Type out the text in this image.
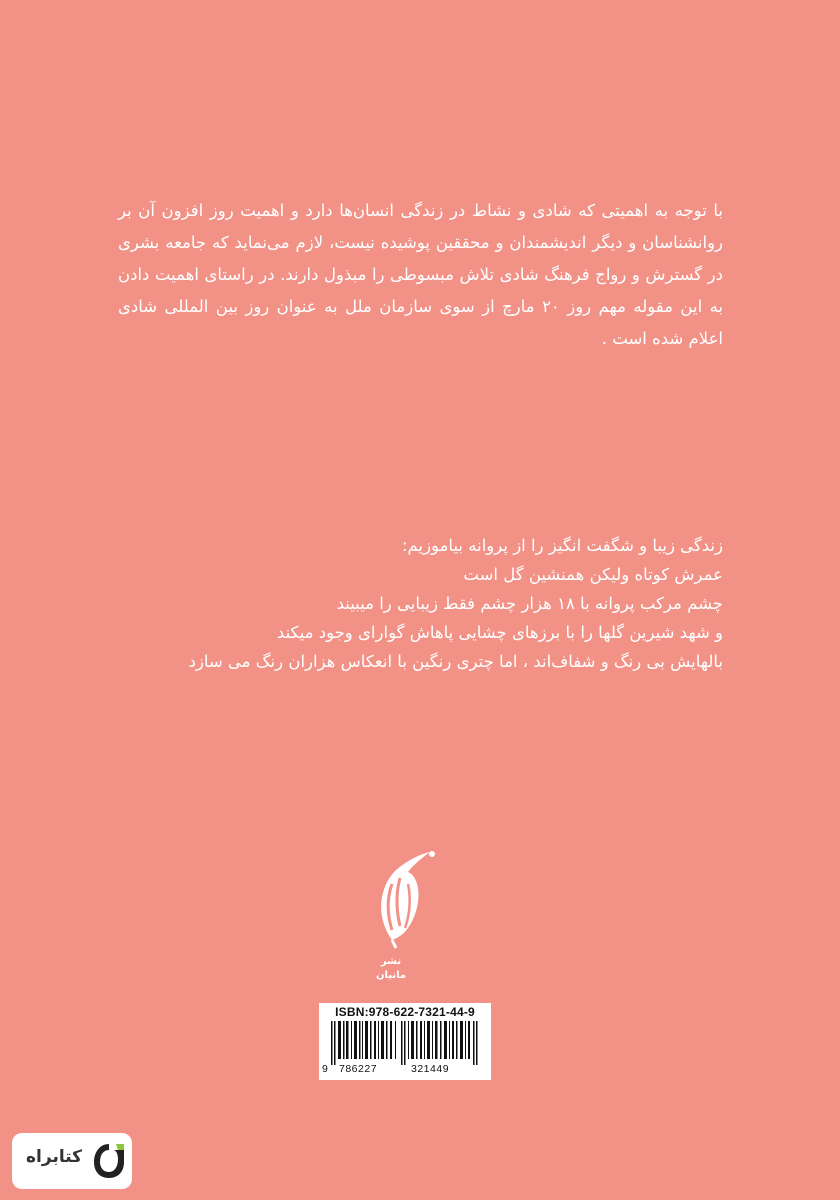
با توجه به اهمیتی که شادی و نشاط در زندگی انسان‌ها دارد و اهمیت روز افزون آن بر روانشناسان و دیگر اندیشمندان و محققین پوشیده نیست، لازم می‌نماید که جامعه بشری در گسترش و رواج فرهنگ شادی تلاش مبسوطی را مبذول دارند. در راستای اهمیت دادن به این مقوله مهم روز ۲۰ مارچ از سوی سازمان ملل به عنوان روز بین المللی شادی اعلام شده است .

زندگی زیبا و شگفت انگیز را از پروانه بیاموزیم:
عمرش کوتاه ولیکن همنشین گل است
چشم مرکب پروانه با ۱۸ هزار چشم فقط زیبایی را میبیند
و شهد شیرین گلها را با برزهای چشایی پاهاش گوارای وجود میکند
بالهایش بی رنگ و شفاف‌اند ، اما چتری رنگین با انعکاس هزاران رنگ می سازد
نشر
مانیان
ISBN:978-622-7321-44-9
9 786227	321449
کتابراه
